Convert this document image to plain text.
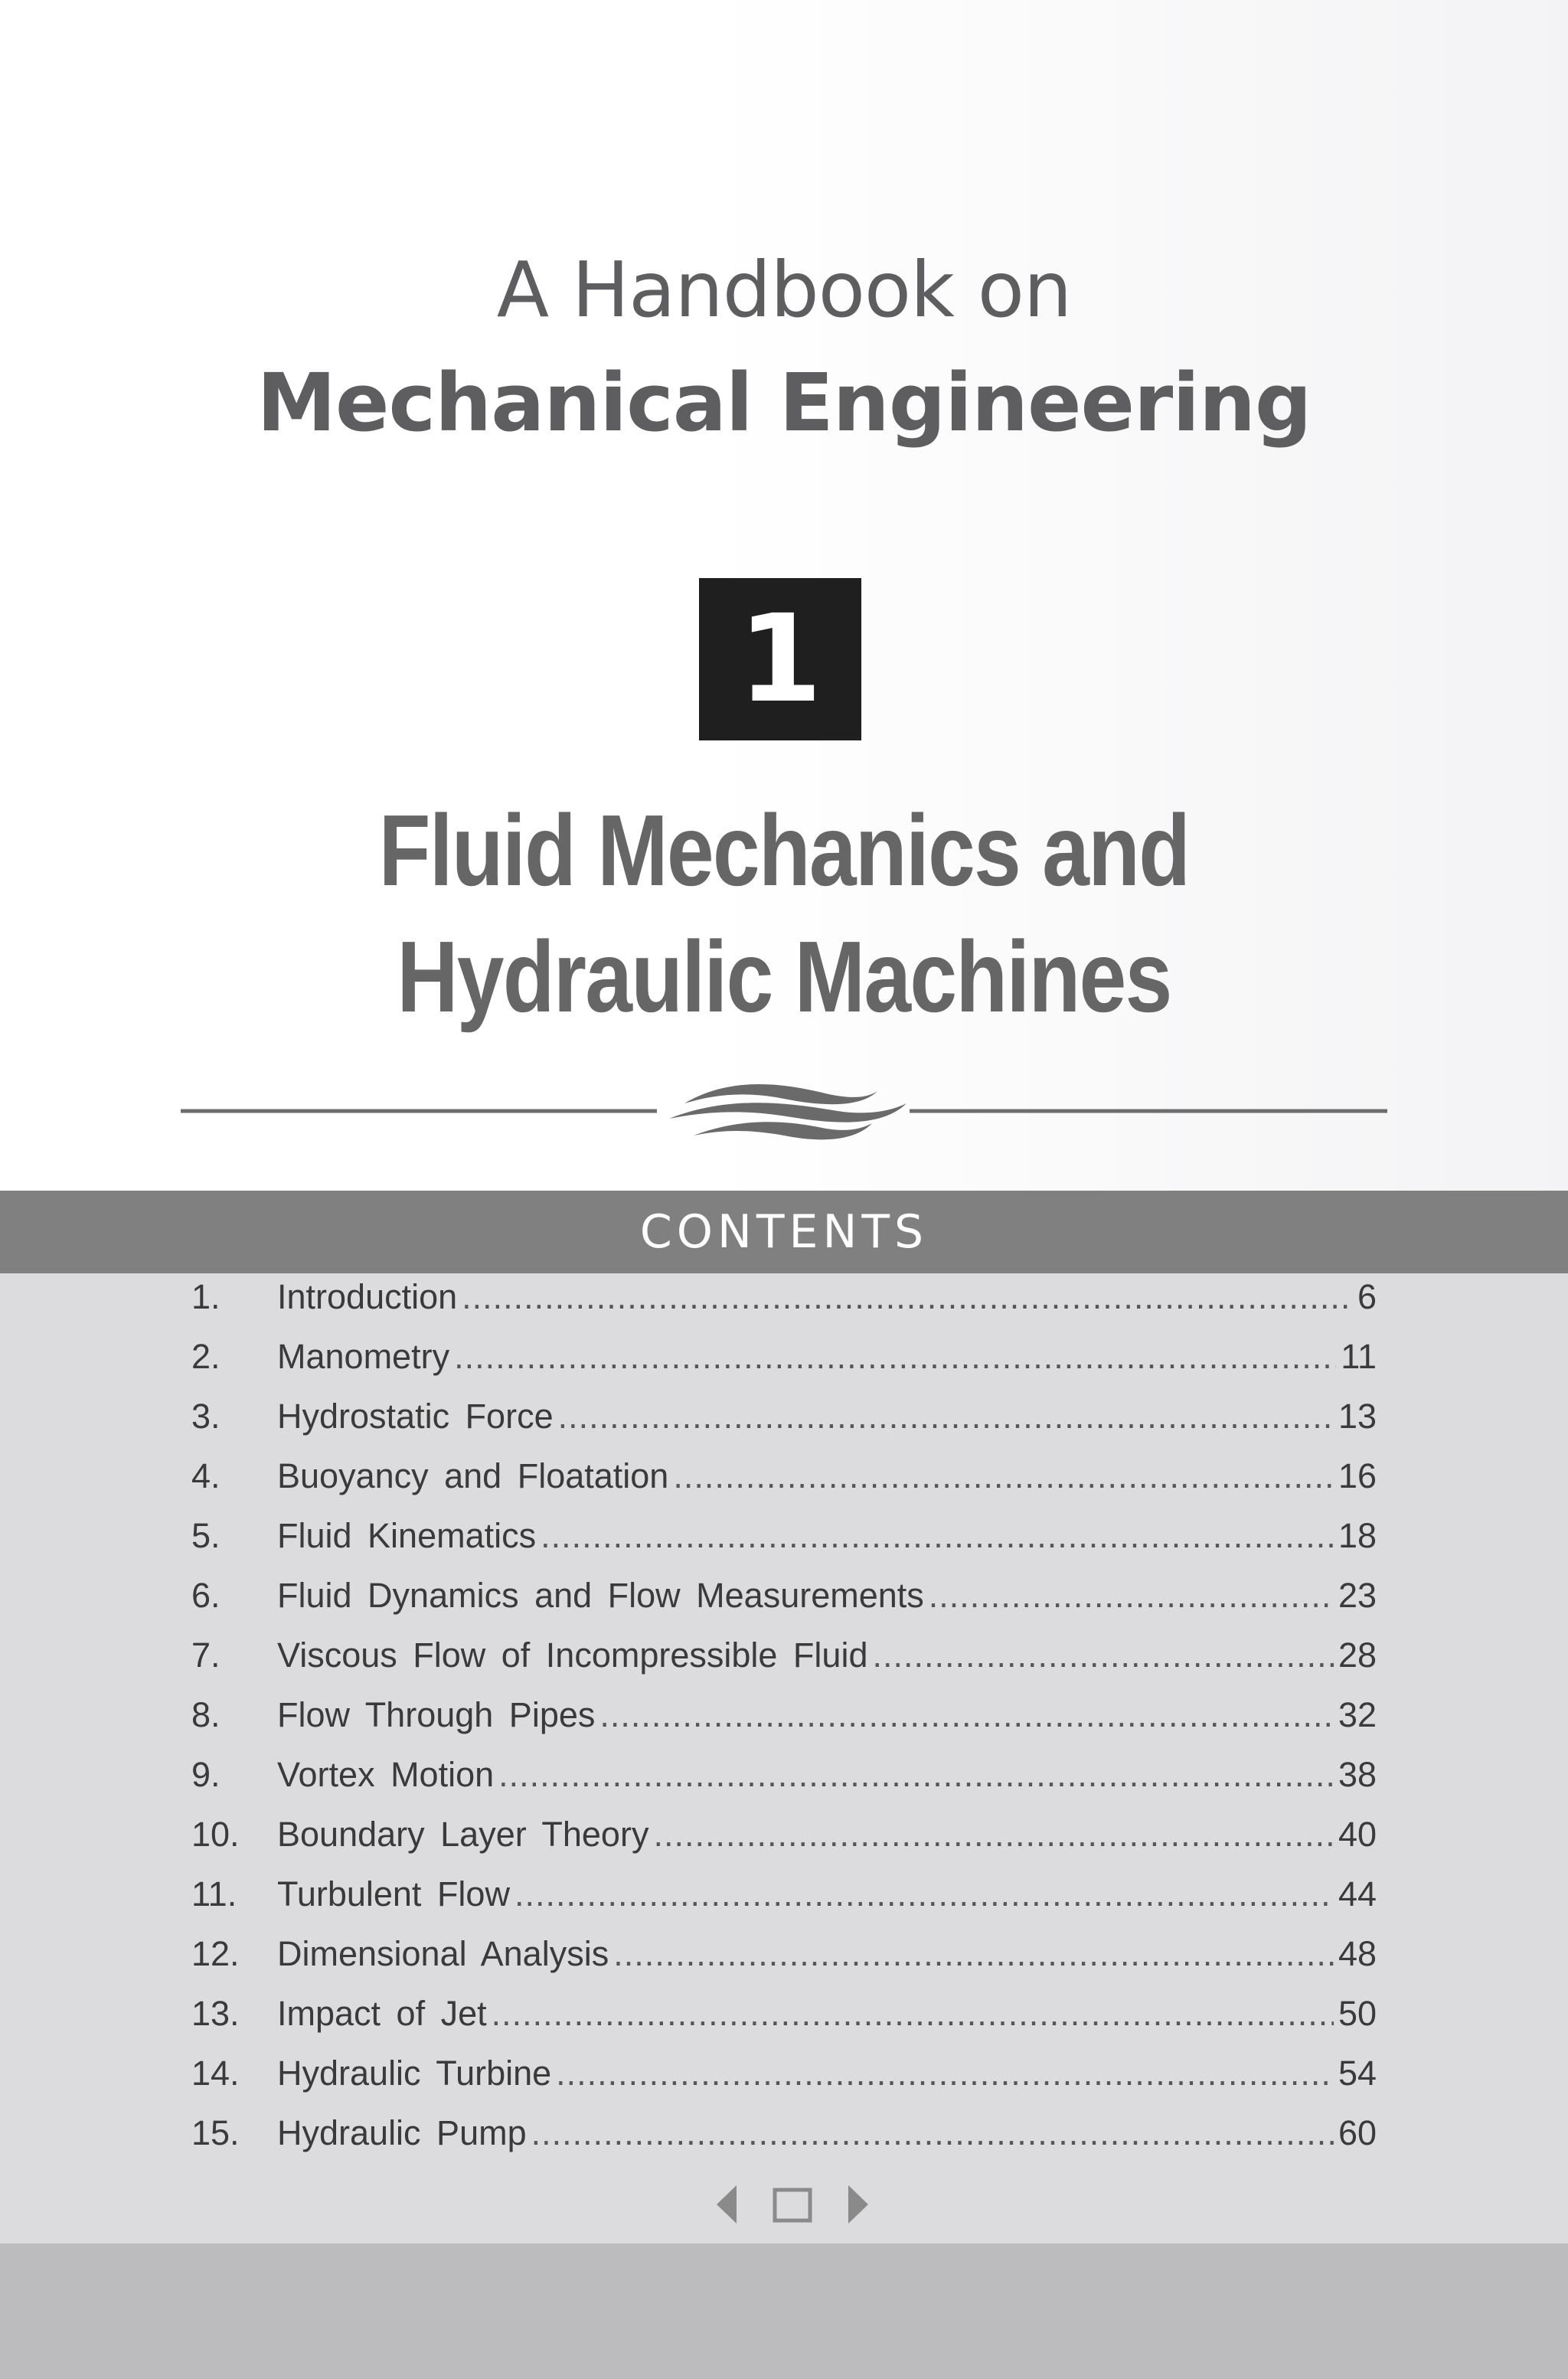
A Handbook on
Mechanical Engineering
1
Fluid Mechanics and
Hydraulic Machines
CONTENTS
1.	Introduction .....	6
2.	Manometry .....	11
3.	Hydrostatic Force .....	13
4.	Buoyancy and Floatation .....	16
5.	Fluid Kinematics .....	18
6.	Fluid Dynamics and Flow Measurements .....	23
7.	Viscous Flow of Incompressible Fluid .....	28
8.	Flow Through Pipes .....	32
9.	Vortex Motion .....	38
10.	Boundary Layer Theory .....	40
11.	Turbulent Flow .....	44
12.	Dimensional Analysis .....	48
13.	Impact of Jet .....	50
14.	Hydraulic Turbine .....	54
15.	Hydraulic Pump .....	60
